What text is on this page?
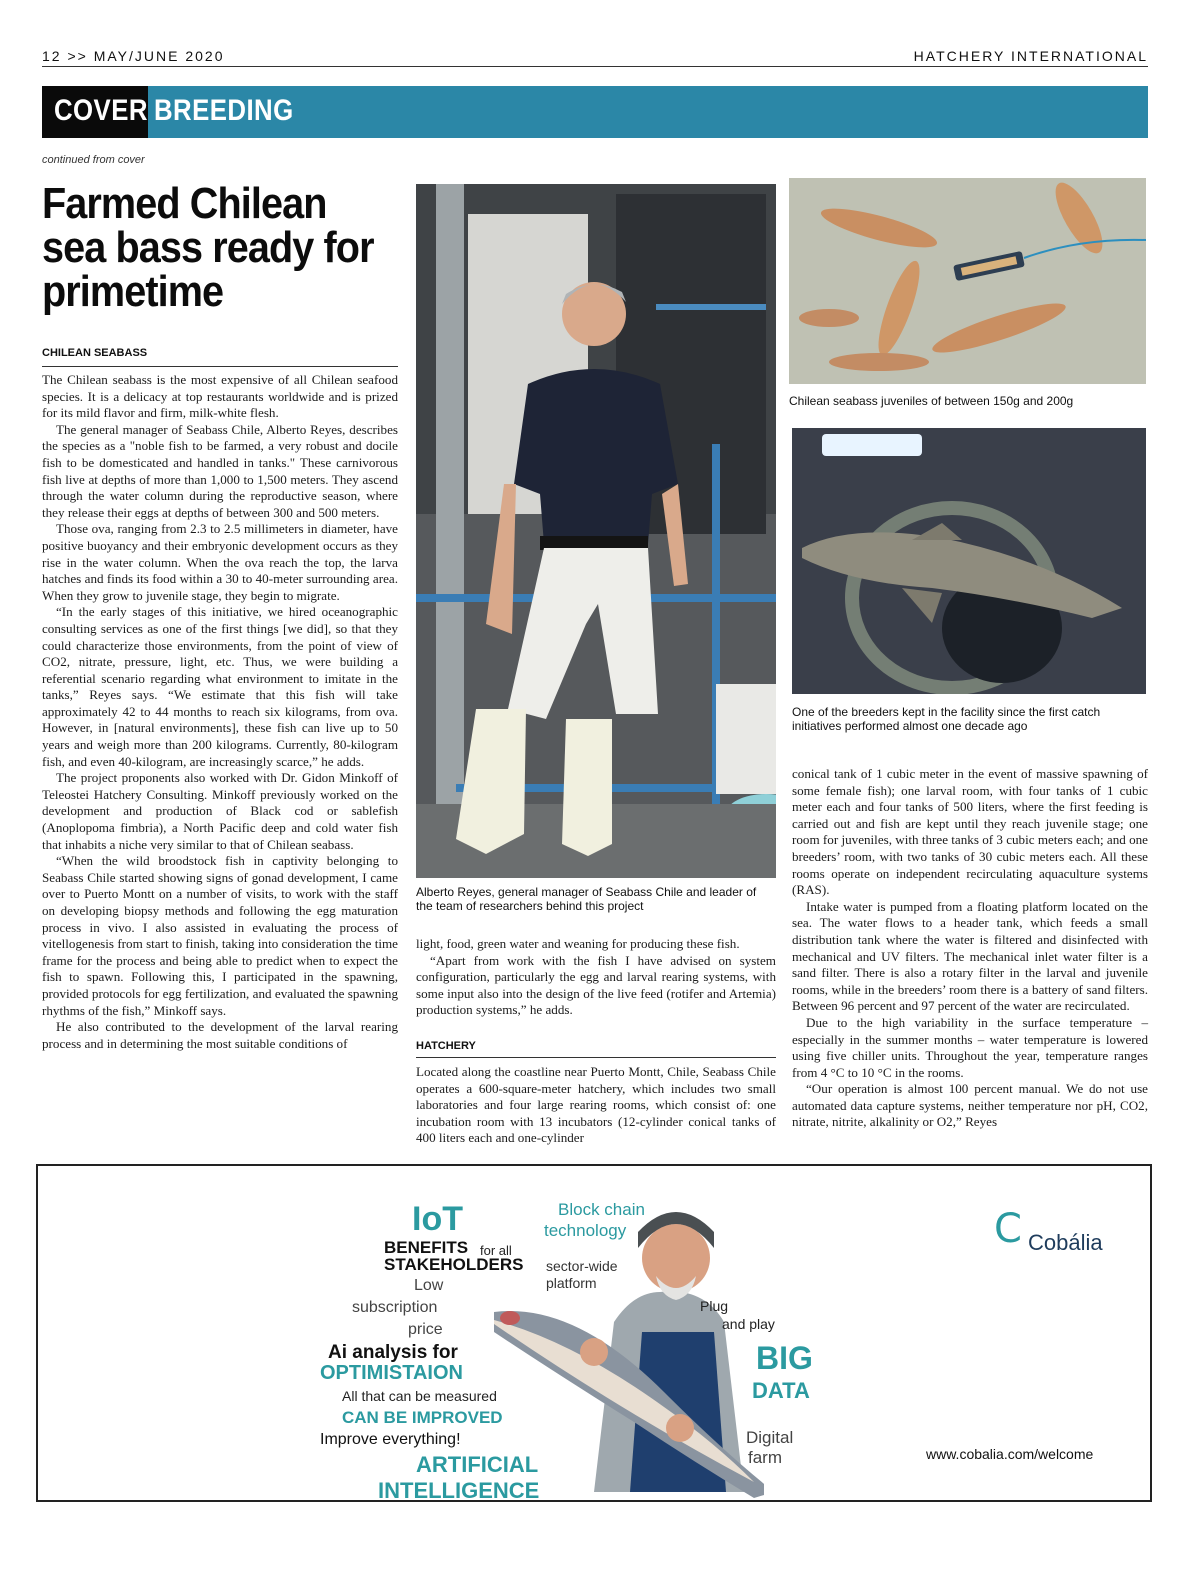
12 >> MAY/JUNE 2020	HATCHERY INTERNATIONAL
COVER BREEDING
continued from cover
Farmed Chilean sea bass ready for primetime
CHILEAN SEABASS

The Chilean seabass is the most expensive of all Chilean seafood species. It is a delicacy at top restaurants worldwide and is prized for its mild flavor and firm, milk-white flesh.

The general manager of Seabass Chile, Alberto Reyes, describes the species as a "noble fish to be farmed, a very robust and docile fish to be domesticated and handled in tanks." These carnivorous fish live at depths of more than 1,000 to 1,500 meters. They ascend through the water column during the reproductive season, where they release their eggs at depths of between 300 and 500 meters.

Those ova, ranging from 2.3 to 2.5 millimeters in diameter, have positive buoyancy and their embryonic development occurs as they rise in the water column. When the ova reach the top, the larva hatches and finds its food within a 30 to 40-meter surrounding area. When they grow to juvenile stage, they begin to migrate.

“In the early stages of this initiative, we hired oceanographic consulting services as one of the first things [we did], so that they could characterize those environments, from the point of view of CO2, nitrate, pressure, light, etc. Thus, we were building a referential scenario regarding what environment to imitate in the tanks,” Reyes says. “We estimate that this fish will take approximately 42 to 44 months to reach six kilograms, from ova. However, in [natural environments], these fish can live up to 50 years and weigh more than 200 kilograms. Currently, 80-kilogram fish, and even 40-kilogram, are increasingly scarce,” he adds.

The project proponents also worked with Dr. Gidon Minkoff of Teleostei Hatchery Consulting. Minkoff previously worked on the development and production of Black cod or sablefish (Anoplopoma fimbria), a North Pacific deep and cold water fish that inhabits a niche very similar to that of Chilean seabass.

“When the wild broodstock fish in captivity belonging to Seabass Chile started showing signs of gonad development, I came over to Puerto Montt on a number of visits, to work with the staff on developing biopsy methods and following the egg maturation process in vivo. I also assisted in evaluating the process of vitellogenesis from start to finish, taking into consideration the time frame for the process and being able to predict when to expect the fish to spawn. Following this, I participated in the spawning, provided protocols for egg fertilization, and evaluated the spawning rhythms of the fish,” Minkoff says.

He also contributed to the development of the larval rearing process and in determining the most suitable conditions of

Alberto Reyes, general manager of Seabass Chile and leader of the team of researchers behind this project

light, food, green water and weaning for producing these fish.

“Apart from work with the fish I have advised on system configuration, particularly the egg and larval rearing systems, with some input also into the design of the live feed (rotifer and Artemia) production systems,” he adds.

HATCHERY

Located along the coastline near Puerto Montt, Chile, Seabass Chile operates a 600-square-meter hatchery, which includes two small laboratories and four large rearing rooms, which consist of: one incubation room with 13 incubators (12-cylinder conical tanks of 400 liters each and one-cylinder

Chilean seabass juveniles of between 150g and 200g
One of the breeders kept in the facility since the first catch initiatives performed almost one decade ago

conical tank of 1 cubic meter in the event of massive spawning of some female fish); one larval room, with four tanks of 1 cubic meter each and four tanks of 500 liters, where the first feeding is carried out and fish are kept until they reach juvenile stage; one room for juveniles, with three tanks of 3 cubic meters each; and one breeders’ room, with two tanks of 30 cubic meters each. All these rooms operate on independent recirculating aquaculture systems (RAS).

Intake water is pumped from a floating platform located on the sea. The water flows to a header tank, which feeds a small distribution tank where the water is filtered and disinfected with mechanical and UV filters. The mechanical inlet water filter is a sand filter. There is also a rotary filter in the larval and juvenile rooms, while in the breeders’ room there is a battery of sand filters. Between 96 percent and 97 percent of the water are recirculated.

Due to the high variability in the surface temperature – especially in the summer months – water temperature is lowered using five chiller units. Throughout the year, temperature ranges from 4 °C to 10 °C in the rooms.

“Our operation is almost 100 percent manual. We do not use automated data capture systems, neither temperature nor pH, CO2, nitrate, nitrite, alkalinity or O2,” Reyes

IoT
BENEFITS for all
STAKEHOLDERS
Low
subscription
price
Ai analysis for
OPTIMISTAION
All that can be measured
CAN BE IMPROVED
Improve everything!
ARTIFICIAL
INTELLIGENCE
Block chain
technology
sector-wide
platform
Plug
and play
BIG
DATA
Digital
farm
C Cobália
www.cobalia.com/welcome
